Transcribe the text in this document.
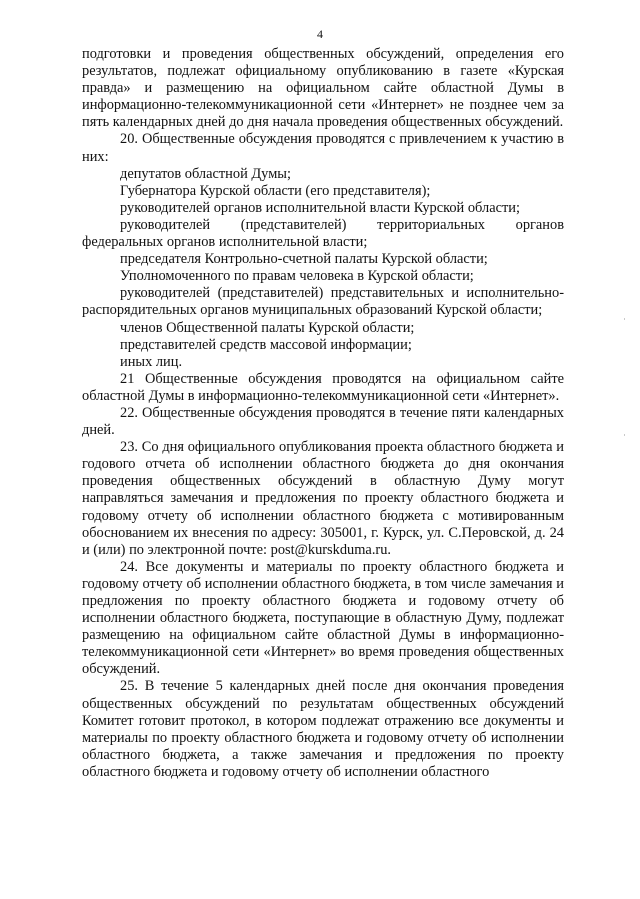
4

подготовки и проведения общественных обсуждений, определения его результатов, подлежат официальному опубликованию в газете «Курская правда» и размещению на официальном сайте областной Думы в информационно-телекоммуникационной сети «Интернет» не позднее чем за пять календарных дней до дня начала проведения общественных обсуждений.

20. Общественные обсуждения проводятся с привлечением к участию в них:

депутатов областной Думы;

Губернатора Курской области (его представителя);

руководителей органов исполнительной власти Курской области;

руководителей (представителей) территориальных органов федеральных органов исполнительной власти;

председателя Контрольно-счетной палаты Курской области;

Уполномоченного по правам человека в Курской области;

руководителей (представителей) представительных и исполнительно-распорядительных органов муниципальных образований Курской области;

членов Общественной палаты Курской области;

представителей средств массовой информации;

иных лиц.

21 Общественные обсуждения проводятся на официальном сайте областной Думы в информационно-телекоммуникационной сети «Интернет».

22. Общественные обсуждения проводятся в течение пяти календарных дней.

23. Со дня официального опубликования проекта областного бюджета и годового отчета об исполнении областного бюджета до дня окончания проведения общественных обсуждений в областную Думу могут направляться замечания и предложения по проекту областного бюджета и годовому отчету об исполнении областного бюджета с мотивированным обоснованием их внесения по адресу: 305001, г. Курск, ул. С.Перовской, д. 24 и (или) по электронной почте: post@kurskduma.ru.

24. Все документы и материалы по проекту областного бюджета и годовому отчету об исполнении областного бюджета, в том числе замечания и предложения по проекту областного бюджета и годовому отчету об исполнении областного бюджета, поступающие в областную Думу, подлежат размещению на официальном сайте областной Думы в информационно-телекоммуникационной сети «Интернет» во время проведения общественных обсуждений.

25. В течение 5 календарных дней после дня окончания проведения общественных обсуждений по результатам общественных обсуждений Комитет готовит протокол, в котором подлежат отражению все документы и материалы по проекту областного бюджета и годовому отчету об исполнении областного бюджета, а также замечания и предложения по проекту областного бюджета и годовому отчету об исполнении областного
